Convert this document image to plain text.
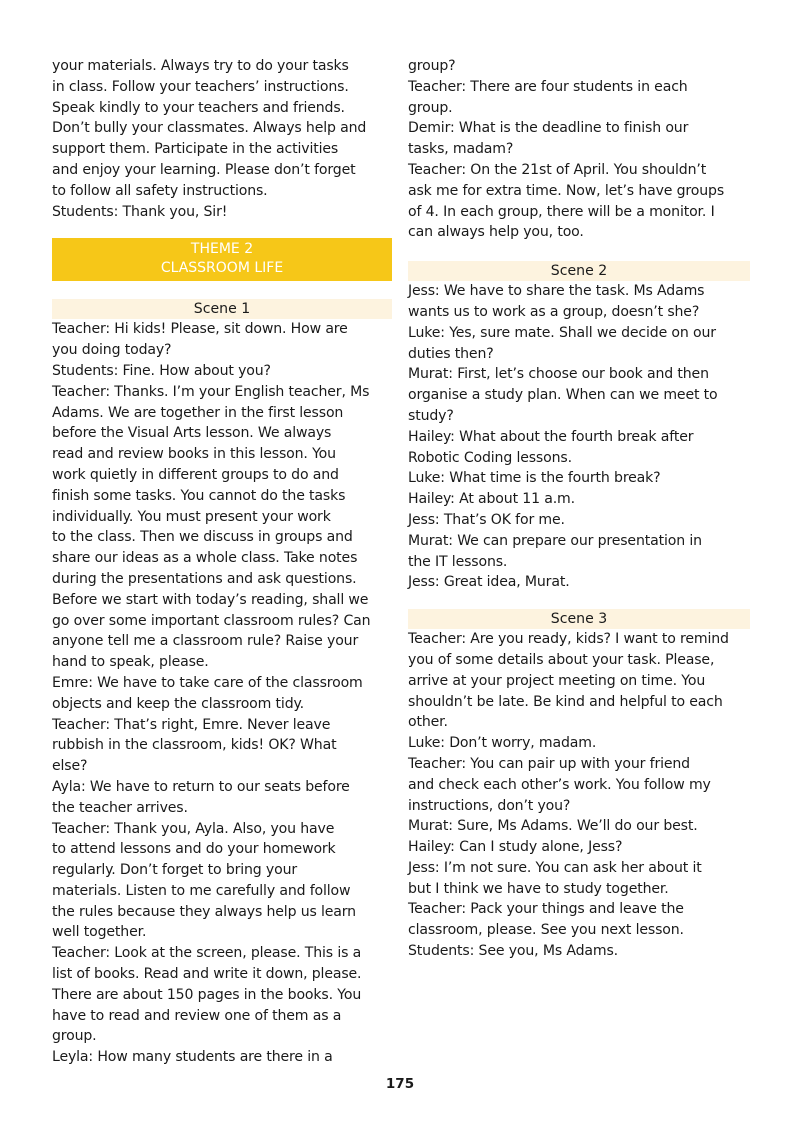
your materials. Always try to do your tasks
in class. Follow your teachers’ instructions.
Speak kindly to your teachers and friends.
Don’t bully your classmates. Always help and
support them. Participate in the activities
and enjoy your learning. Please don’t forget
to follow all safety instructions.
Students: Thank you, Sir!
THEME 2
CLASSROOM LIFE
Scene 1
Teacher: Hi kids! Please, sit down. How are
you doing today?
Students: Fine. How about you?
Teacher: Thanks. I’m your English teacher, Ms
Adams. We are together in the first lesson
before the Visual Arts lesson. We always
read and review books in this lesson. You
work quietly in different groups to do and
finish some tasks. You cannot do the tasks
individually. You must present your work
to the class. Then we discuss in groups and
share our ideas as a whole class. Take notes
during the presentations and ask questions.
Before we start with today’s reading, shall we
go over some important classroom rules? Can
anyone tell me a classroom rule? Raise your
hand to speak, please.
Emre: We have to take care of the classroom
objects and keep the classroom tidy.
Teacher: That’s right, Emre. Never leave
rubbish in the classroom, kids! OK? What
else?
Ayla: We have to return to our seats before
the teacher arrives.
Teacher: Thank you, Ayla. Also, you have
to attend lessons and do your homework
regularly. Don’t forget to bring your
materials. Listen to me carefully and follow
the rules because they always help us learn
well together.
Teacher: Look at the screen, please. This is a
list of books. Read and write it down, please.
There are about 150 pages in the books. You
have to read and review one of them as a
group.
Leyla: How many students are there in a
group?
Teacher: There are four students in each
group.
Demir: What is the deadline to finish our
tasks, madam?
Teacher: On the 21st of April. You shouldn’t
ask me for extra time. Now, let’s have groups
of 4. In each group, there will be a monitor. I
can always help you, too.
Scene 2
Jess: We have to share the task. Ms Adams
wants us to work as a group, doesn’t she?
Luke: Yes, sure mate. Shall we decide on our
duties then?
Murat: First, let’s choose our book and then
organise a study plan. When can we meet to
study?
Hailey: What about the fourth break after
Robotic Coding lessons.
Luke: What time is the fourth break?
Hailey: At about 11 a.m.
Jess: That’s OK for me.
Murat: We can prepare our presentation in
the IT lessons.
Jess: Great idea, Murat.
Scene 3
Teacher: Are you ready, kids? I want to remind
you of some details about your task. Please,
arrive at your project meeting on time. You
shouldn’t be late. Be kind and helpful to each
other.
Luke: Don’t worry, madam.
Teacher: You can pair up with your friend
and check each other’s work. You follow my
instructions, don’t you?
Murat: Sure, Ms Adams. We’ll do our best.
Hailey: Can I study alone, Jess?
Jess: I’m not sure. You can ask her about it
but I think we have to study together.
Teacher: Pack your things and leave the
classroom, please. See you next lesson.
Students: See you, Ms Adams.
175
